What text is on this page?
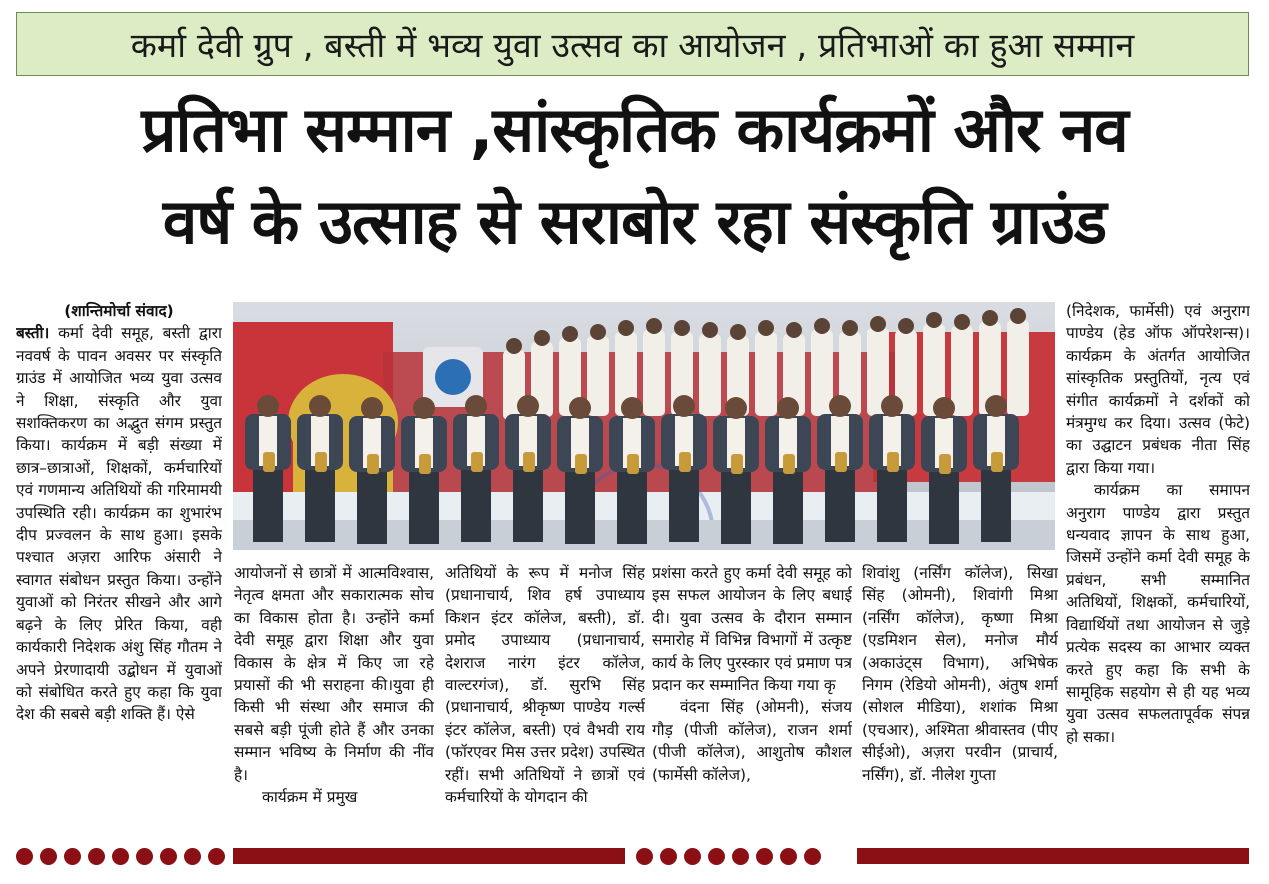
कर्मा देवी ग्रुप , बस्ती में भव्य युवा उत्सव का आयोजन , प्रतिभाओं का हुआ सम्मान
प्रतिभा सम्मान ,सांस्कृतिक कार्यक्रमों और नव
वर्ष के उत्साह से सराबोर रहा संस्कृति ग्राउंड

(शान्तिमोर्चा संवाद)

बस्ती। कर्मा देवी समूह, बस्ती द्वारा नववर्ष के पावन अवसर पर संस्कृति ग्राउंड में आयोजित भव्य युवा उत्सव ने शिक्षा, संस्कृति और युवा सशक्तिकरण का अद्भुत संगम प्रस्तुत किया। कार्यक्रम में बड़ी संख्या में छात्र–छात्राओं, शिक्षकों, कर्मचारियों एवं गणमान्य अतिथियों की गरिमामयी उपस्थिति रही। कार्यक्रम का शुभारंभ दीप प्रज्वलन के साथ हुआ। इसके पश्चात अज़रा आरिफ अंसारी ने स्वागत संबोधन प्रस्तुत किया। उन्होंने युवाओं को निरंतर सीखने और आगे बढ़ने के लिए प्रेरित किया, वही कार्यकारी निदेशक अंशु सिंह गौतम ने अपने प्रेरणादायी उद्बोधन में युवाओं को संबोधित करते हुए कहा कि युवा देश की सबसे बड़ी शक्ति हैं। ऐसे

आयोजनों से छात्रों में आत्मविश्वास, नेतृत्व क्षमता और सकारात्मक सोच का विकास होता है। उन्होंने कर्मा देवी समूह द्वारा शिक्षा और युवा विकास के क्षेत्र में किए जा रहे प्रयासों की भी सराहना की।युवा ही किसी भी संस्था और समाज की सबसे बड़ी पूंजी होते हैं और उनका सम्मान भविष्य के निर्माण की नींव है।

कार्यक्रम में प्रमुख

अतिथियों के रूप में मनोज सिंह (प्रधानाचार्य, शिव हर्ष उपाध्याय किशन इंटर कॉलेज, बस्ती), डॉ. प्रमोद उपाध्याय (प्रधानाचार्य, देशराज नारंग इंटर कॉलेज, वाल्टरगंज), डॉ. सुरभि सिंह (प्रधानाचार्य, श्रीकृष्ण पाण्डेय गर्ल्स इंटर कॉलेज, बस्ती) एवं वैभवी राय (फॉरएवर मिस उत्तर प्रदेश) उपस्थित रहीं। सभी अतिथियों ने छात्रों एवं कर्मचारियों के योगदान की

प्रशंसा करते हुए कर्मा देवी समूह को इस सफल आयोजन के लिए बधाई दी। युवा उत्सव के दौरान सम्मान समारोह में विभिन्न विभागों में उत्कृष्ट कार्य के लिए पुरस्कार एवं प्रमाण पत्र प्रदान कर सम्मानित किया गया कृ

वंदना सिंह (ओमनी), संजय गौड़ (पीजी कॉलेज), राजन शर्मा (पीजी कॉलेज), आशुतोष कौशल (फार्मेसी कॉलेज),

शिवांशु (नर्सिंग कॉलेज), सिखा सिंह (ओमनी), शिवांगी मिश्रा (नर्सिंग कॉलेज), कृष्णा मिश्रा (एडमिशन सेल), मनोज मौर्य (अकाउंट्स विभाग), अभिषेक निगम (रेडियो ओमनी), अंतुष शर्मा (सोशल मीडिया), शशांक मिश्रा (एचआर), अश्मिता श्रीवास्तव (पीए सीईओ), अज़रा परवीन (प्राचार्य, नर्सिंग), डॉ. नीलेश गुप्ता

(निदेशक, फार्मेसी) एवं अनुराग पाण्डेय (हेड ऑफ ऑपरेशन्स)। कार्यक्रम के अंतर्गत आयोजित सांस्कृतिक प्रस्तुतियों, नृत्य एवं संगीत कार्यक्रमों ने दर्शकों को मंत्रमुग्ध कर दिया। उत्सव (फेटे) का उद्घाटन प्रबंधक नीता सिंह द्वारा किया गया।

कार्यक्रम का समापन अनुराग पाण्डेय द्वारा प्रस्तुत धन्यवाद ज्ञापन के साथ हुआ, जिसमें उन्होंने कर्मा देवी समूह के प्रबंधन, सभी सम्मानित अतिथियों, शिक्षकों, कर्मचारियों, विद्यार्थियों तथा आयोजन से जुड़े प्रत्येक सदस्य का आभार व्यक्त करते हुए कहा कि सभी के सामूहिक सहयोग से ही यह भव्य युवा उत्सव सफलतापूर्वक संपन्न हो सका।
